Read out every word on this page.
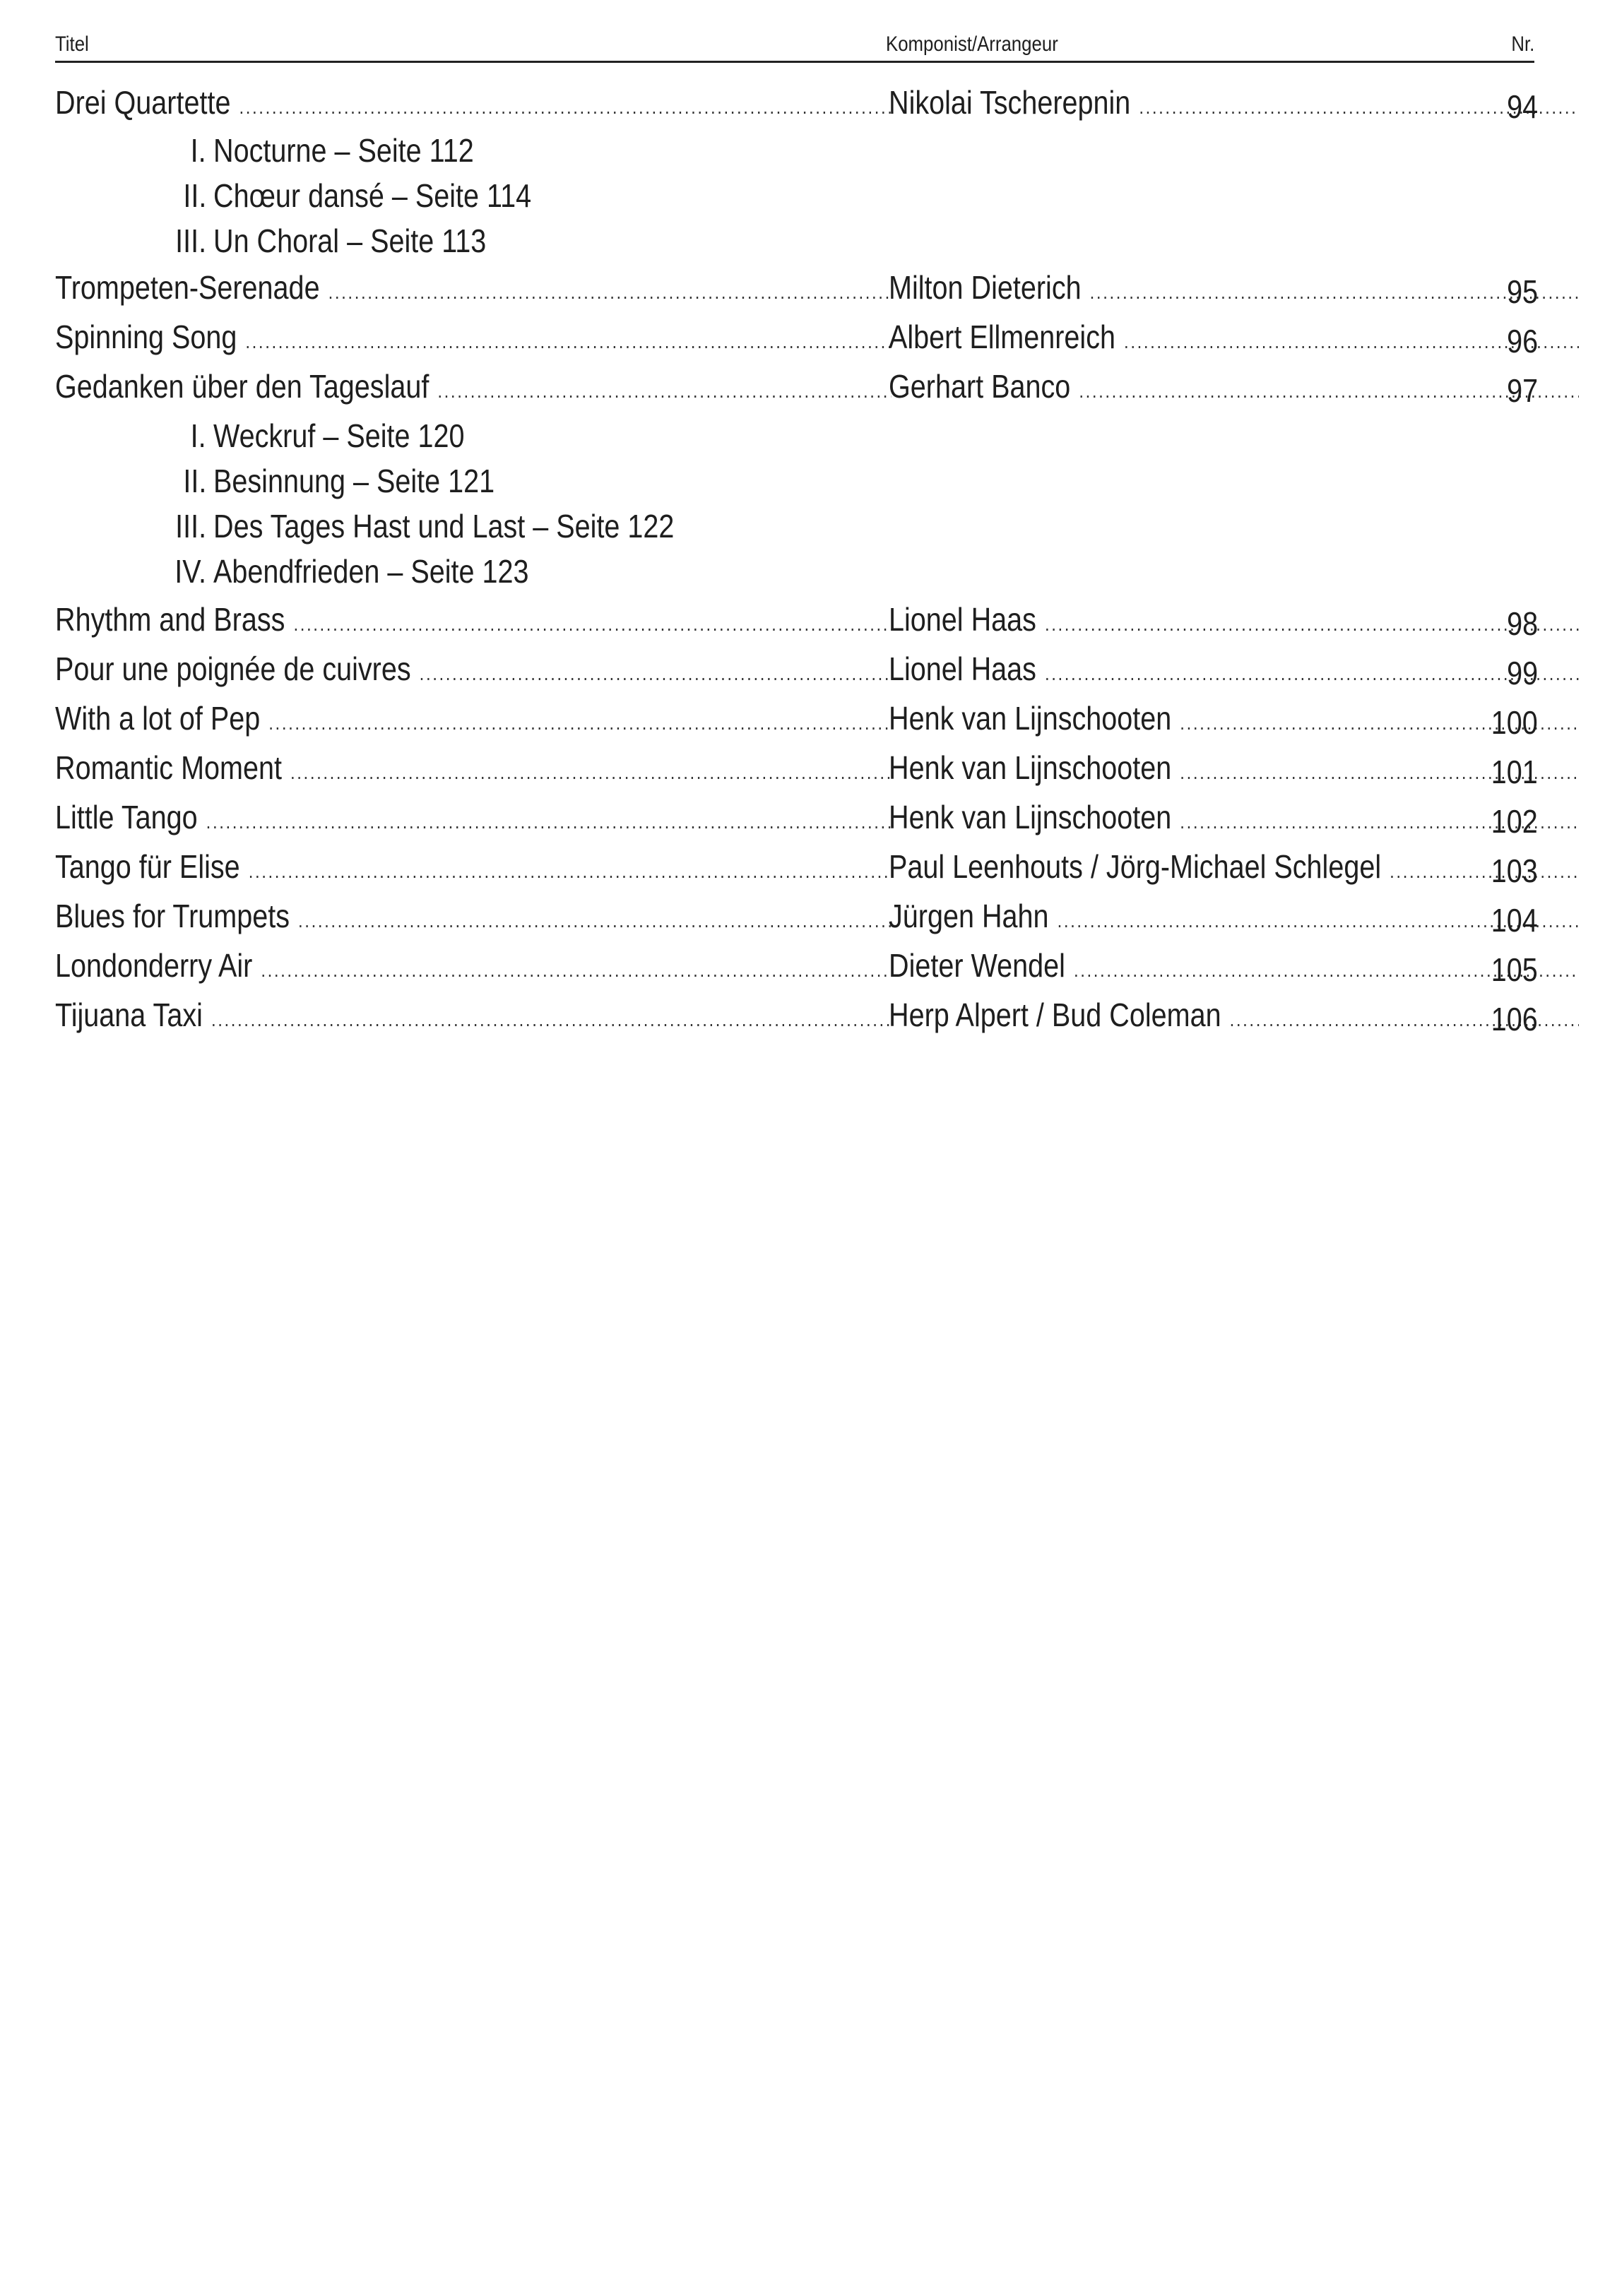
Titel	Komponist/Arrangeur	Nr.
Drei Quartette .....	Nikolai Tscherepnin .....	94
I. Nocturne – Seite 112
II. Chœur dansé – Seite 114
III. Un Choral – Seite 113
Trompeten-Serenade .....	Milton Dieterich .....	95
Spinning Song .....	Albert Ellmenreich .....	96
Gedanken über den Tageslauf .....	Gerhart Banco .....	97
I. Weckruf – Seite 120
II. Besinnung – Seite 121
III. Des Tages Hast und Last – Seite 122
IV. Abendfrieden – Seite 123
Rhythm and Brass .....	Lionel Haas .....	98
Pour une poignée de cuivres .....	Lionel Haas .....	99
With a lot of Pep .....	Henk van Lijnschooten .....	100
Romantic Moment .....	Henk van Lijnschooten .....	101
Little Tango .....	Henk van Lijnschooten .....	102
Tango für Elise .....	Paul Leenhouts / Jörg-Michael Schlegel .....	103
Blues for Trumpets .....	Jürgen Hahn .....	104
Londonderry Air .....	Dieter Wendel .....	105
Tijuana Taxi .....	Herp Alpert / Bud Coleman .....	106
